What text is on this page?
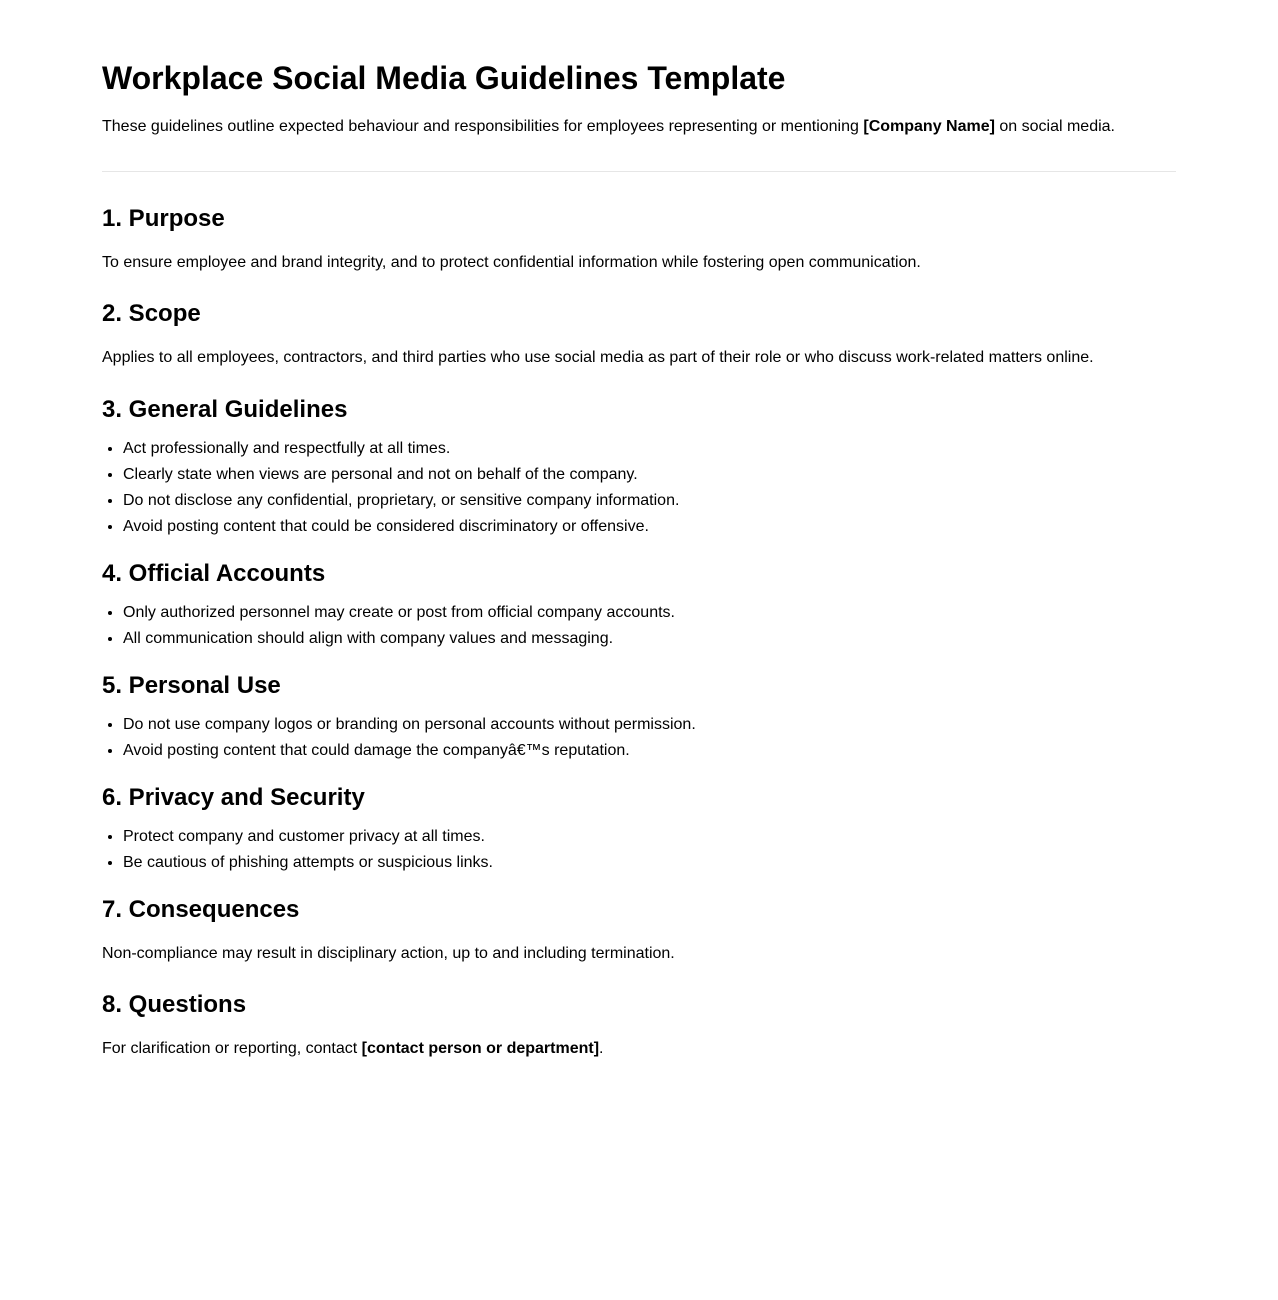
Workplace Social Media Guidelines Template

These guidelines outline expected behaviour and responsibilities for employees representing or mentioning [Company Name] on social media.

1. Purpose

To ensure employee and brand integrity, and to protect confidential information while fostering open communication.

2. Scope

Applies to all employees, contractors, and third parties who use social media as part of their role or who discuss work-related matters online.

3. General Guidelines
• Act professionally and respectfully at all times.
• Clearly state when views are personal and not on behalf of the company.
• Do not disclose any confidential, proprietary, or sensitive company information.
• Avoid posting content that could be considered discriminatory or offensive.
4. Official Accounts
• Only authorized personnel may create or post from official company accounts.
• All communication should align with company values and messaging.
5. Personal Use
• Do not use company logos or branding on personal accounts without permission.
• Avoid posting content that could damage the companyâ€™s reputation.
6. Privacy and Security
• Protect company and customer privacy at all times.
• Be cautious of phishing attempts or suspicious links.
7. Consequences

Non-compliance may result in disciplinary action, up to and including termination.

8. Questions

For clarification or reporting, contact [contact person or department].
